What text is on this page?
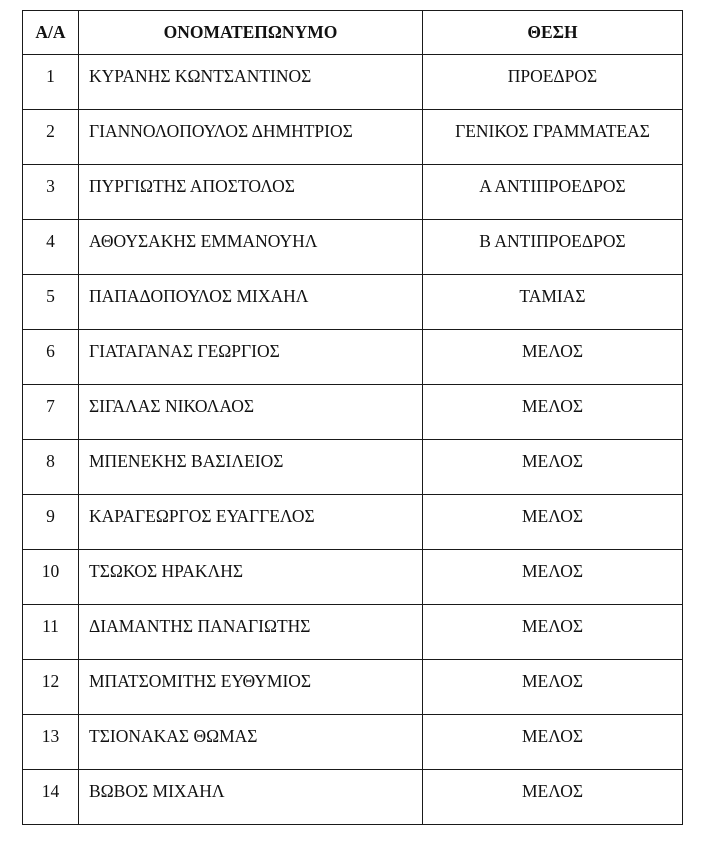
Α/Α	ΟΝΟΜΑΤΕΠΩΝΥΜΟ	ΘΕΣΗ
1	ΚΥΡΑΝΗΣ ΚΩΝΤΣΑΝΤΙΝΟΣ	ΠΡΟΕΔΡΟΣ
2	ΓΙΑΝΝΟΛΟΠΟΥΛΟΣ ΔΗΜΗΤΡΙΟΣ	ΓΕΝΙΚΟΣ ΓΡΑΜΜΑΤΕΑΣ
3	ΠΥΡΓΙΩΤΗΣ ΑΠΟΣΤΟΛΟΣ	Α ΑΝΤΙΠΡΟΕΔΡΟΣ
4	ΑΘΟΥΣΑΚΗΣ ΕΜΜΑΝΟΥΗΛ	Β ΑΝΤΙΠΡΟΕΔΡΟΣ
5	ΠΑΠΑΔΟΠΟΥΛΟΣ ΜΙΧΑΗΛ	ΤΑΜΙΑΣ
6	ΓΙΑΤΑΓΑΝΑΣ ΓΕΩΡΓΙΟΣ	ΜΕΛΟΣ
7	ΣΙΓΑΛΑΣ ΝΙΚΟΛΑΟΣ	ΜΕΛΟΣ
8	ΜΠΕΝΕΚΗΣ ΒΑΣΙΛΕΙΟΣ	ΜΕΛΟΣ
9	ΚΑΡΑΓΕΩΡΓΟΣ ΕΥΑΓΓΕΛΟΣ	ΜΕΛΟΣ
10	ΤΣΩΚΟΣ ΗΡΑΚΛΗΣ	ΜΕΛΟΣ
11	ΔΙΑΜΑΝΤΗΣ ΠΑΝΑΓΙΩΤΗΣ	ΜΕΛΟΣ
12	ΜΠΑΤΣΟΜΙΤΗΣ ΕΥΘΥΜΙΟΣ	ΜΕΛΟΣ
13	ΤΣΙΟΝΑΚΑΣ ΘΩΜΑΣ	ΜΕΛΟΣ
14	ΒΩΒΟΣ ΜΙΧΑΗΛ	ΜΕΛΟΣ
